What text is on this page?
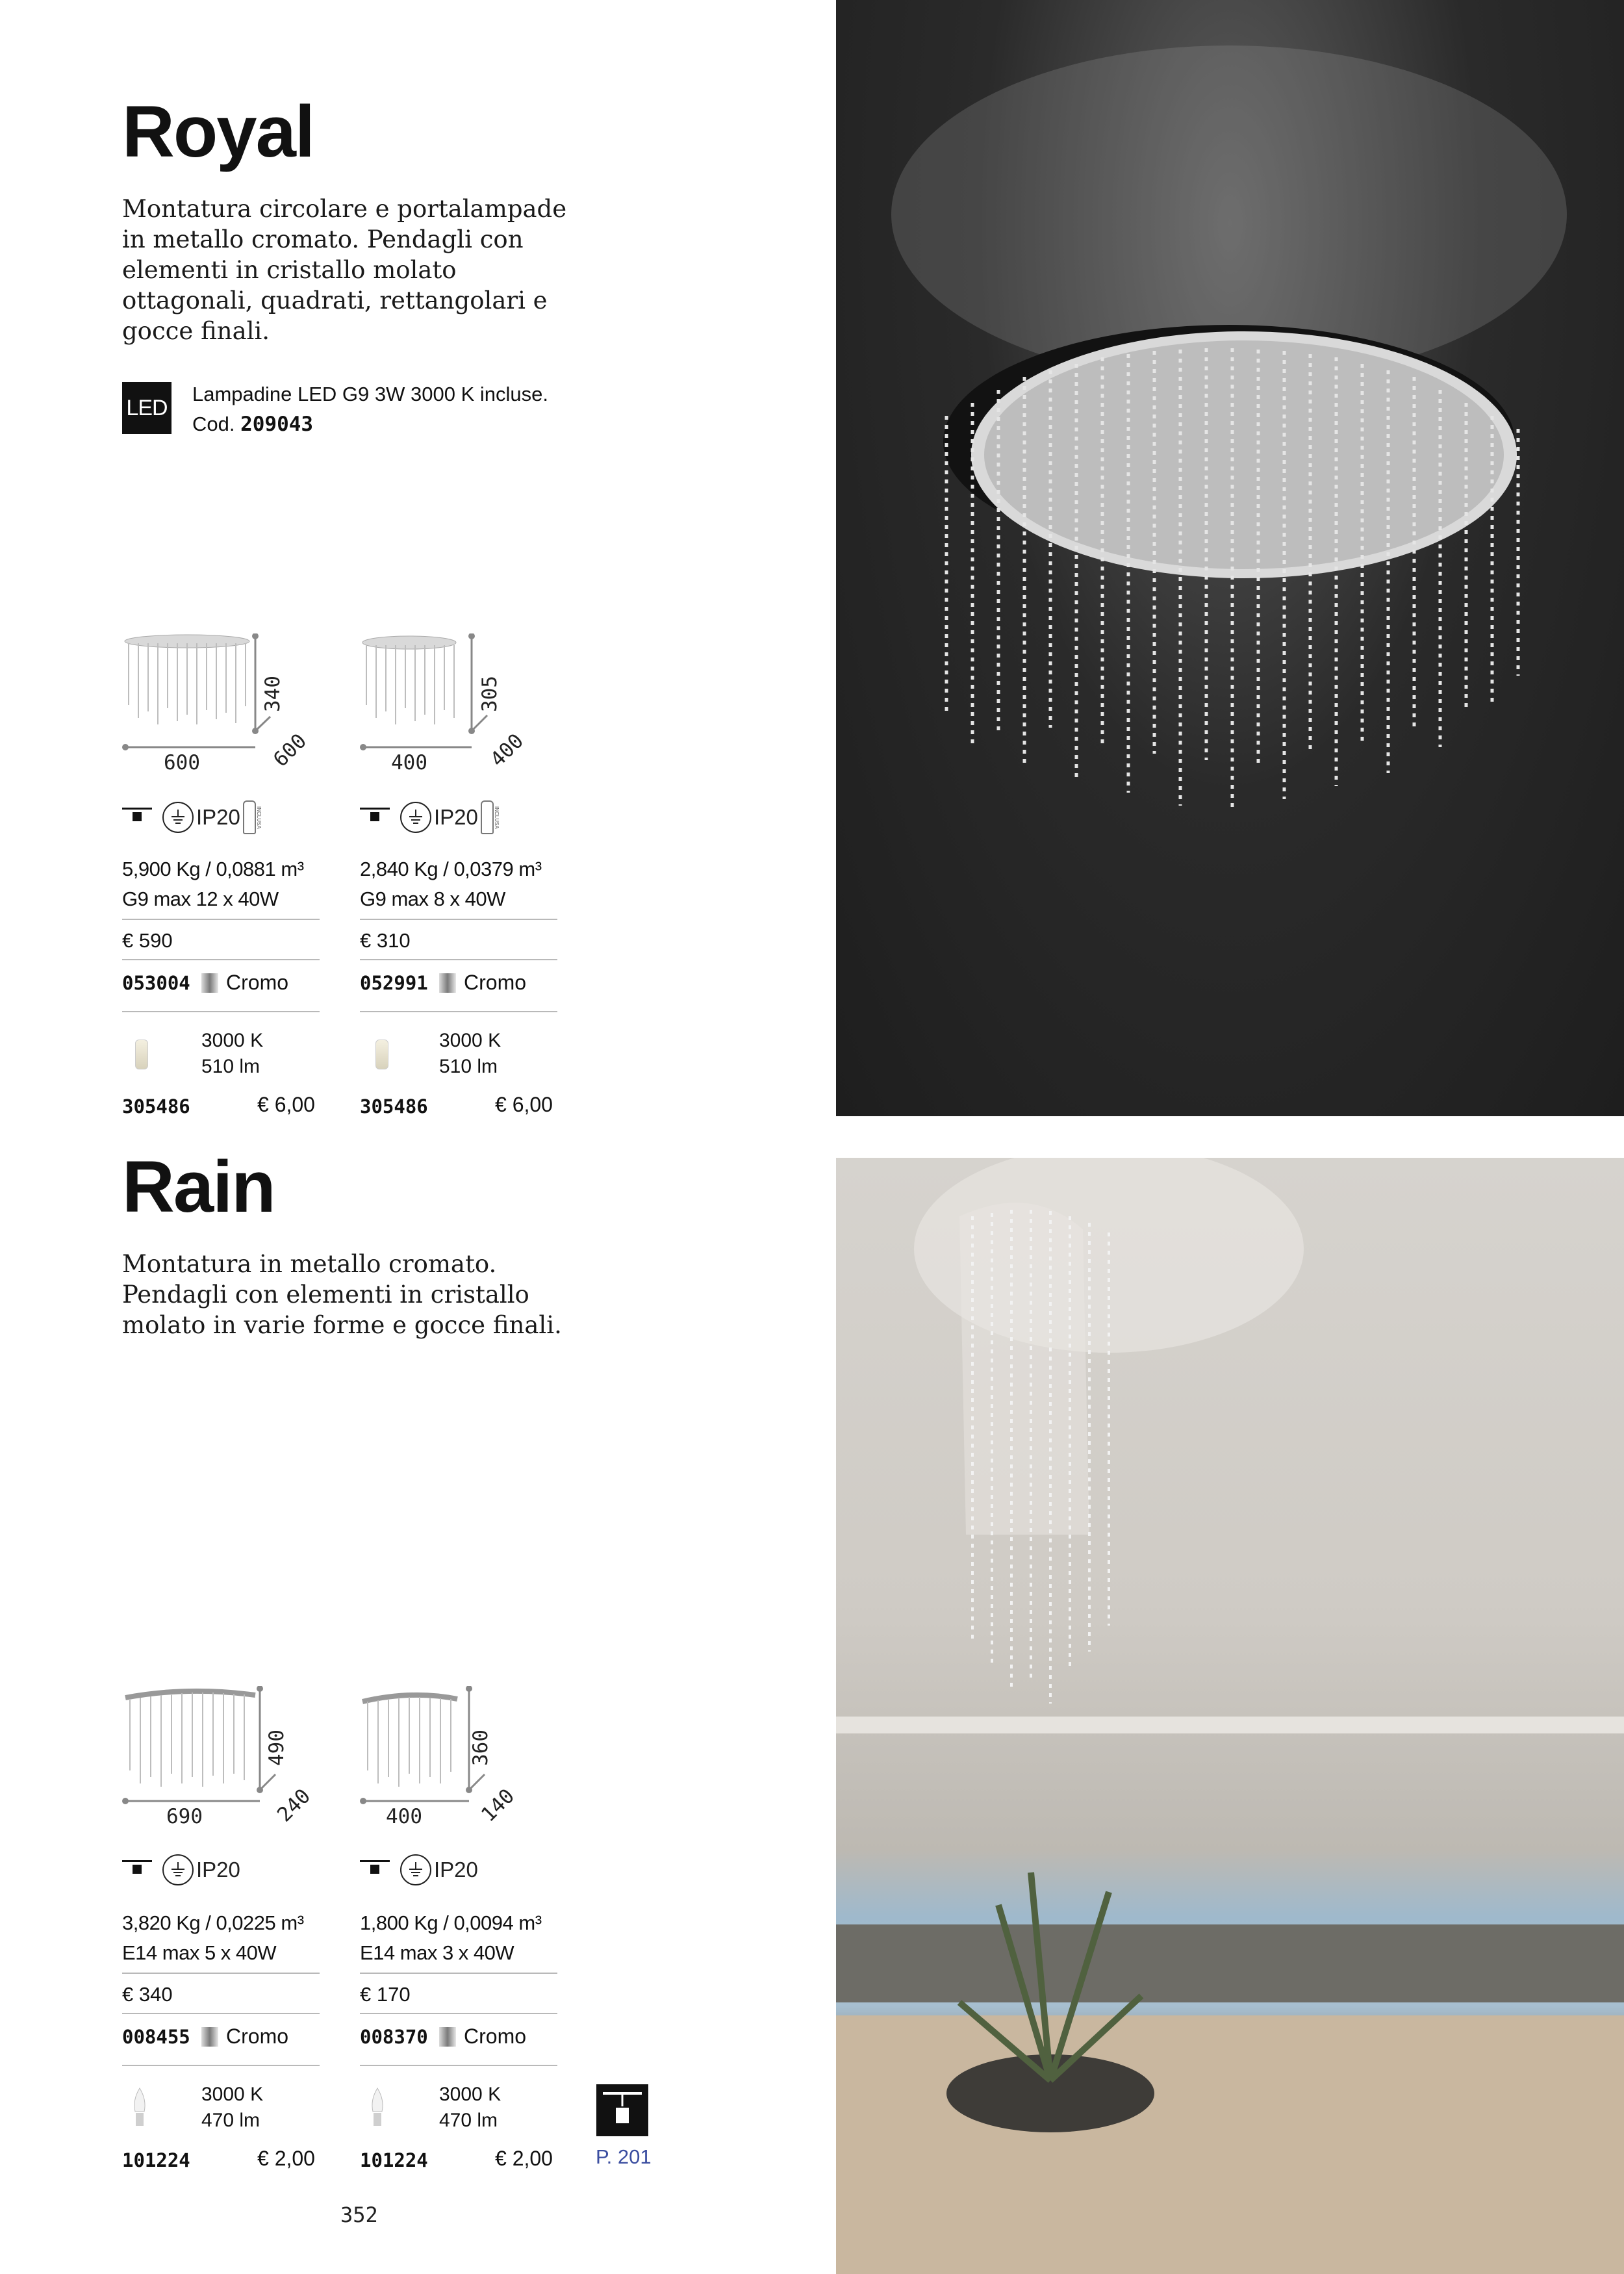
Royal
Montatura circolare e portalampade in metallo cromato. Pendagli con elementi in cristallo molato ottagonali, quadrati, rettangolari e gocce finali.
LED
Lampadine LED G9 3W 3000 K incluse.
Cod. 209043
600
340
600
IP20	INCLUSA
5,900 Kg / 0,0881 m³
G9 max 12 x 40W
€ 590
053004 Cromo
3000 K
510 lm
305486	€ 6,00
400
305
400
IP20	INCLUSA
2,840 Kg / 0,0379 m³
G9 max 8 x 40W
€ 310
052991 Cromo
3000 K
510 lm
305486	€ 6,00
Rain
Montatura in metallo cromato. Pendagli con elementi in cristallo molato in varie forme e gocce finali.
690
490
240
IP20
3,820 Kg / 0,0225 m³
E14 max 5 x 40W
€ 340
008455 Cromo
3000 K
470 lm
101224	€ 2,00
400
360
140
IP20
1,800 Kg / 0,0094 m³
E14 max 3 x 40W
€ 170
008370 Cromo
3000 K
470 lm
101224	€ 2,00 P. 201
352
